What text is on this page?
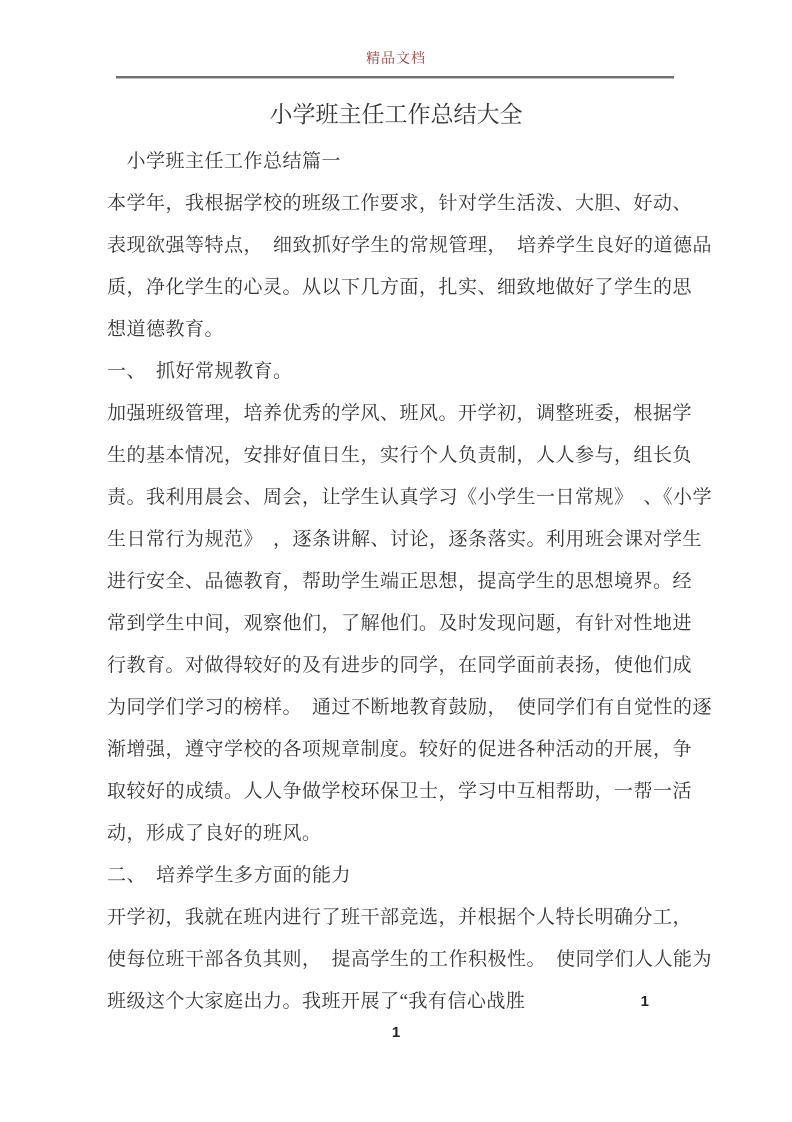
精品文档
小学班主任工作总结大全
　小学班主任工作总结篇一
本学年，我根据学校的班级工作要求，针对学生活泼、大胆、好动、
表现欲强等特点，　细致抓好学生的常规管理，　培养学生良好的道德品
质，净化学生的心灵。从以下几方面，扎实、细致地做好了学生的思
想道德教育。
一、　抓好常规教育。
加强班级管理，培养优秀的学风、班风。开学初，调整班委，根据学
生的基本情况，安排好值日生，实行个人负责制，人人参与，组长负
责。我利用晨会、周会，让学生认真学习《小学生一日常规》　、《小学
生日常行为规范》　，逐条讲解、讨论，逐条落实。利用班会课对学生
进行安全、品德教育，帮助学生端正思想，提高学生的思想境界。经
常到学生中间，观察他们，了解他们。及时发现问题，有针对性地进
行教育。对做得较好的及有进步的同学，在同学面前表扬，使他们成
为同学们学习的榜样。　通过不断地教育鼓励，　使同学们有自觉性的逐
渐增强，遵守学校的各项规章制度。较好的促进各种活动的开展，争
取较好的成绩。人人争做学校环保卫士，学习中互相帮助，一帮一活
动，形成了良好的班风。
二、　培养学生多方面的能力
开学初，我就在班内进行了班干部竞选，并根据个人特长明确分工，
使每位班干部各负其则，　提高学生的工作积极性。　使同学们人人能为
班级这个大家庭出力。我班开展了“我有信心战胜	1
1
